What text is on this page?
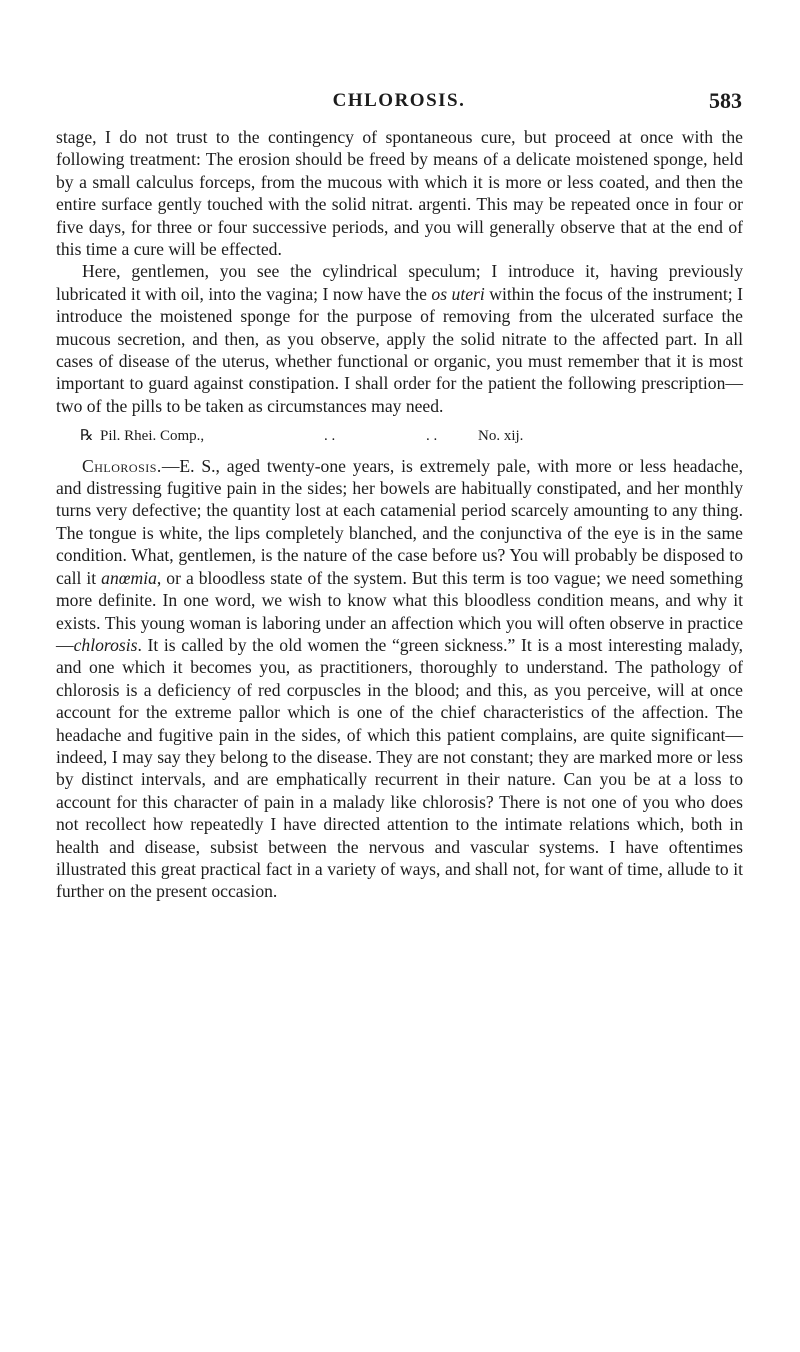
CHLOROSIS.	583

stage, I do not trust to the contingency of spontaneous cure, but proceed at once with the following treatment: The erosion should be freed by means of a delicate moistened sponge, held by a small calculus forceps, from the mucous with which it is more or less coated, and then the entire surface gently touched with the solid nitrat. argenti. This may be repeated once in four or five days, for three or four successive periods, and you will generally observe that at the end of this time a cure will be effected.

Here, gentlemen, you see the cylindrical speculum; I introduce it, having previously lubricated it with oil, into the vagina; I now have the os uteri within the focus of the instrument; I introduce the moistened sponge for the purpose of removing from the ulcerated surface the mucous secretion, and then, as you observe, apply the solid nitrate to the affected part. In all cases of disease of the uterus, whether functional or organic, you must remember that it is most important to guard against constipation. I shall order for the patient the following prescription—two of the pills to be taken as circumstances may need.

℞ Pil. Rhei. Comp.,	. .	. .	No. xij.

Chlorosis.—E. S., aged twenty-one years, is extremely pale, with more or less headache, and distressing fugitive pain in the sides; her bowels are habitually constipated, and her monthly turns very defective; the quantity lost at each catamenial period scarcely amounting to any thing. The tongue is white, the lips completely blanched, and the conjunctiva of the eye is in the same condition. What, gentlemen, is the nature of the case before us? You will probably be disposed to call it anœmia, or a bloodless state of the system. But this term is too vague; we need something more definite. In one word, we wish to know what this bloodless condition means, and why it exists. This young woman is laboring under an affection which you will often observe in practice—chlorosis. It is called by the old women the “green sickness.” It is a most interesting malady, and one which it becomes you, as practitioners, thoroughly to understand. The pathology of chlorosis is a deficiency of red corpuscles in the blood; and this, as you perceive, will at once account for the extreme pallor which is one of the chief characteristics of the affection. The headache and fugitive pain in the sides, of which this patient complains, are quite significant—indeed, I may say they belong to the disease. They are not constant; they are marked more or less by distinct intervals, and are emphatically recurrent in their nature. Can you be at a loss to account for this character of pain in a malady like chlorosis? There is not one of you who does not recollect how repeatedly I have directed attention to the intimate relations which, both in health and disease, subsist between the nervous and vascular systems. I have oftentimes illustrated this great practical fact in a variety of ways, and shall not, for want of time, allude to it further on the present occasion.
